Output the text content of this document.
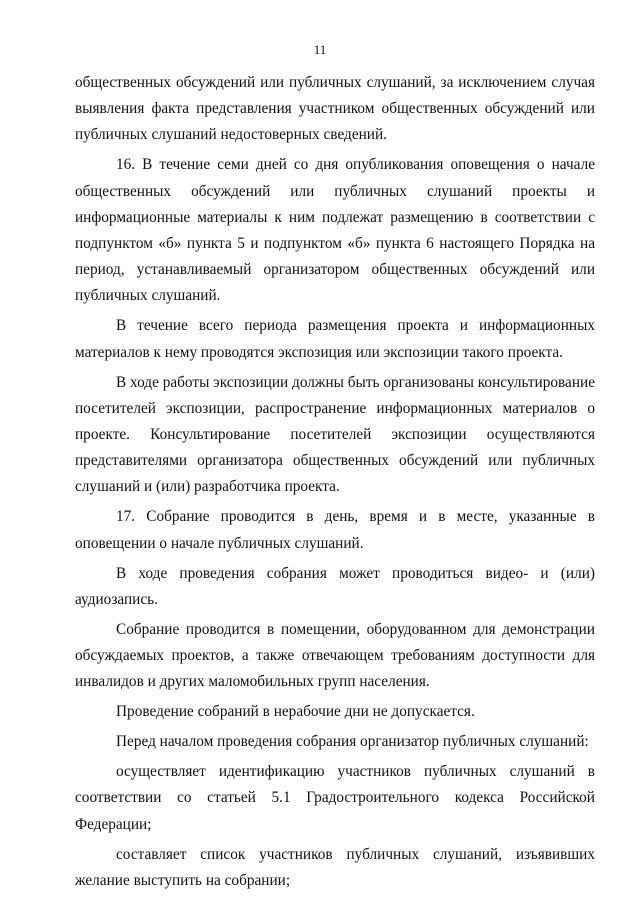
11

общественных обсуждений или публичных слушаний, за исключением случая выявления факта представления участником общественных обсуждений или публичных слушаний недостоверных сведений.

16. В течение семи дней со дня опубликования оповещения о начале общественных обсуждений или публичных слушаний проекты и информационные материалы к ним подлежат размещению в соответствии с подпунктом «б» пункта 5 и подпунктом «б» пункта 6 настоящего Порядка на период, устанавливаемый организатором общественных обсуждений или публичных слушаний.

В течение всего периода размещения проекта и информационных материалов к нему проводятся экспозиция или экспозиции такого проекта.

В ходе работы экспозиции должны быть организованы консультирование посетителей экспозиции, распространение информационных материалов о проекте. Консультирование посетителей экспозиции осуществляются представителями организатора общественных обсуждений или публичных слушаний и (или) разработчика проекта.

17. Собрание проводится в день, время и в месте, указанные в оповещении о начале публичных слушаний.

В ходе проведения собрания может проводиться видео- и (или) аудиозапись.

Собрание проводится в помещении, оборудованном для демонстрации обсуждаемых проектов, а также отвечающем требованиям доступности для инвалидов и других маломобильных групп населения.

Проведение собраний в нерабочие дни не допускается.

Перед началом проведения собрания организатор публичных слушаний:

осуществляет идентификацию участников публичных слушаний в соответствии со статьей 5.1 Градостроительного кодекса Российской Федерации;

составляет список участников публичных слушаний, изъявивших желание выступить на собрании;
